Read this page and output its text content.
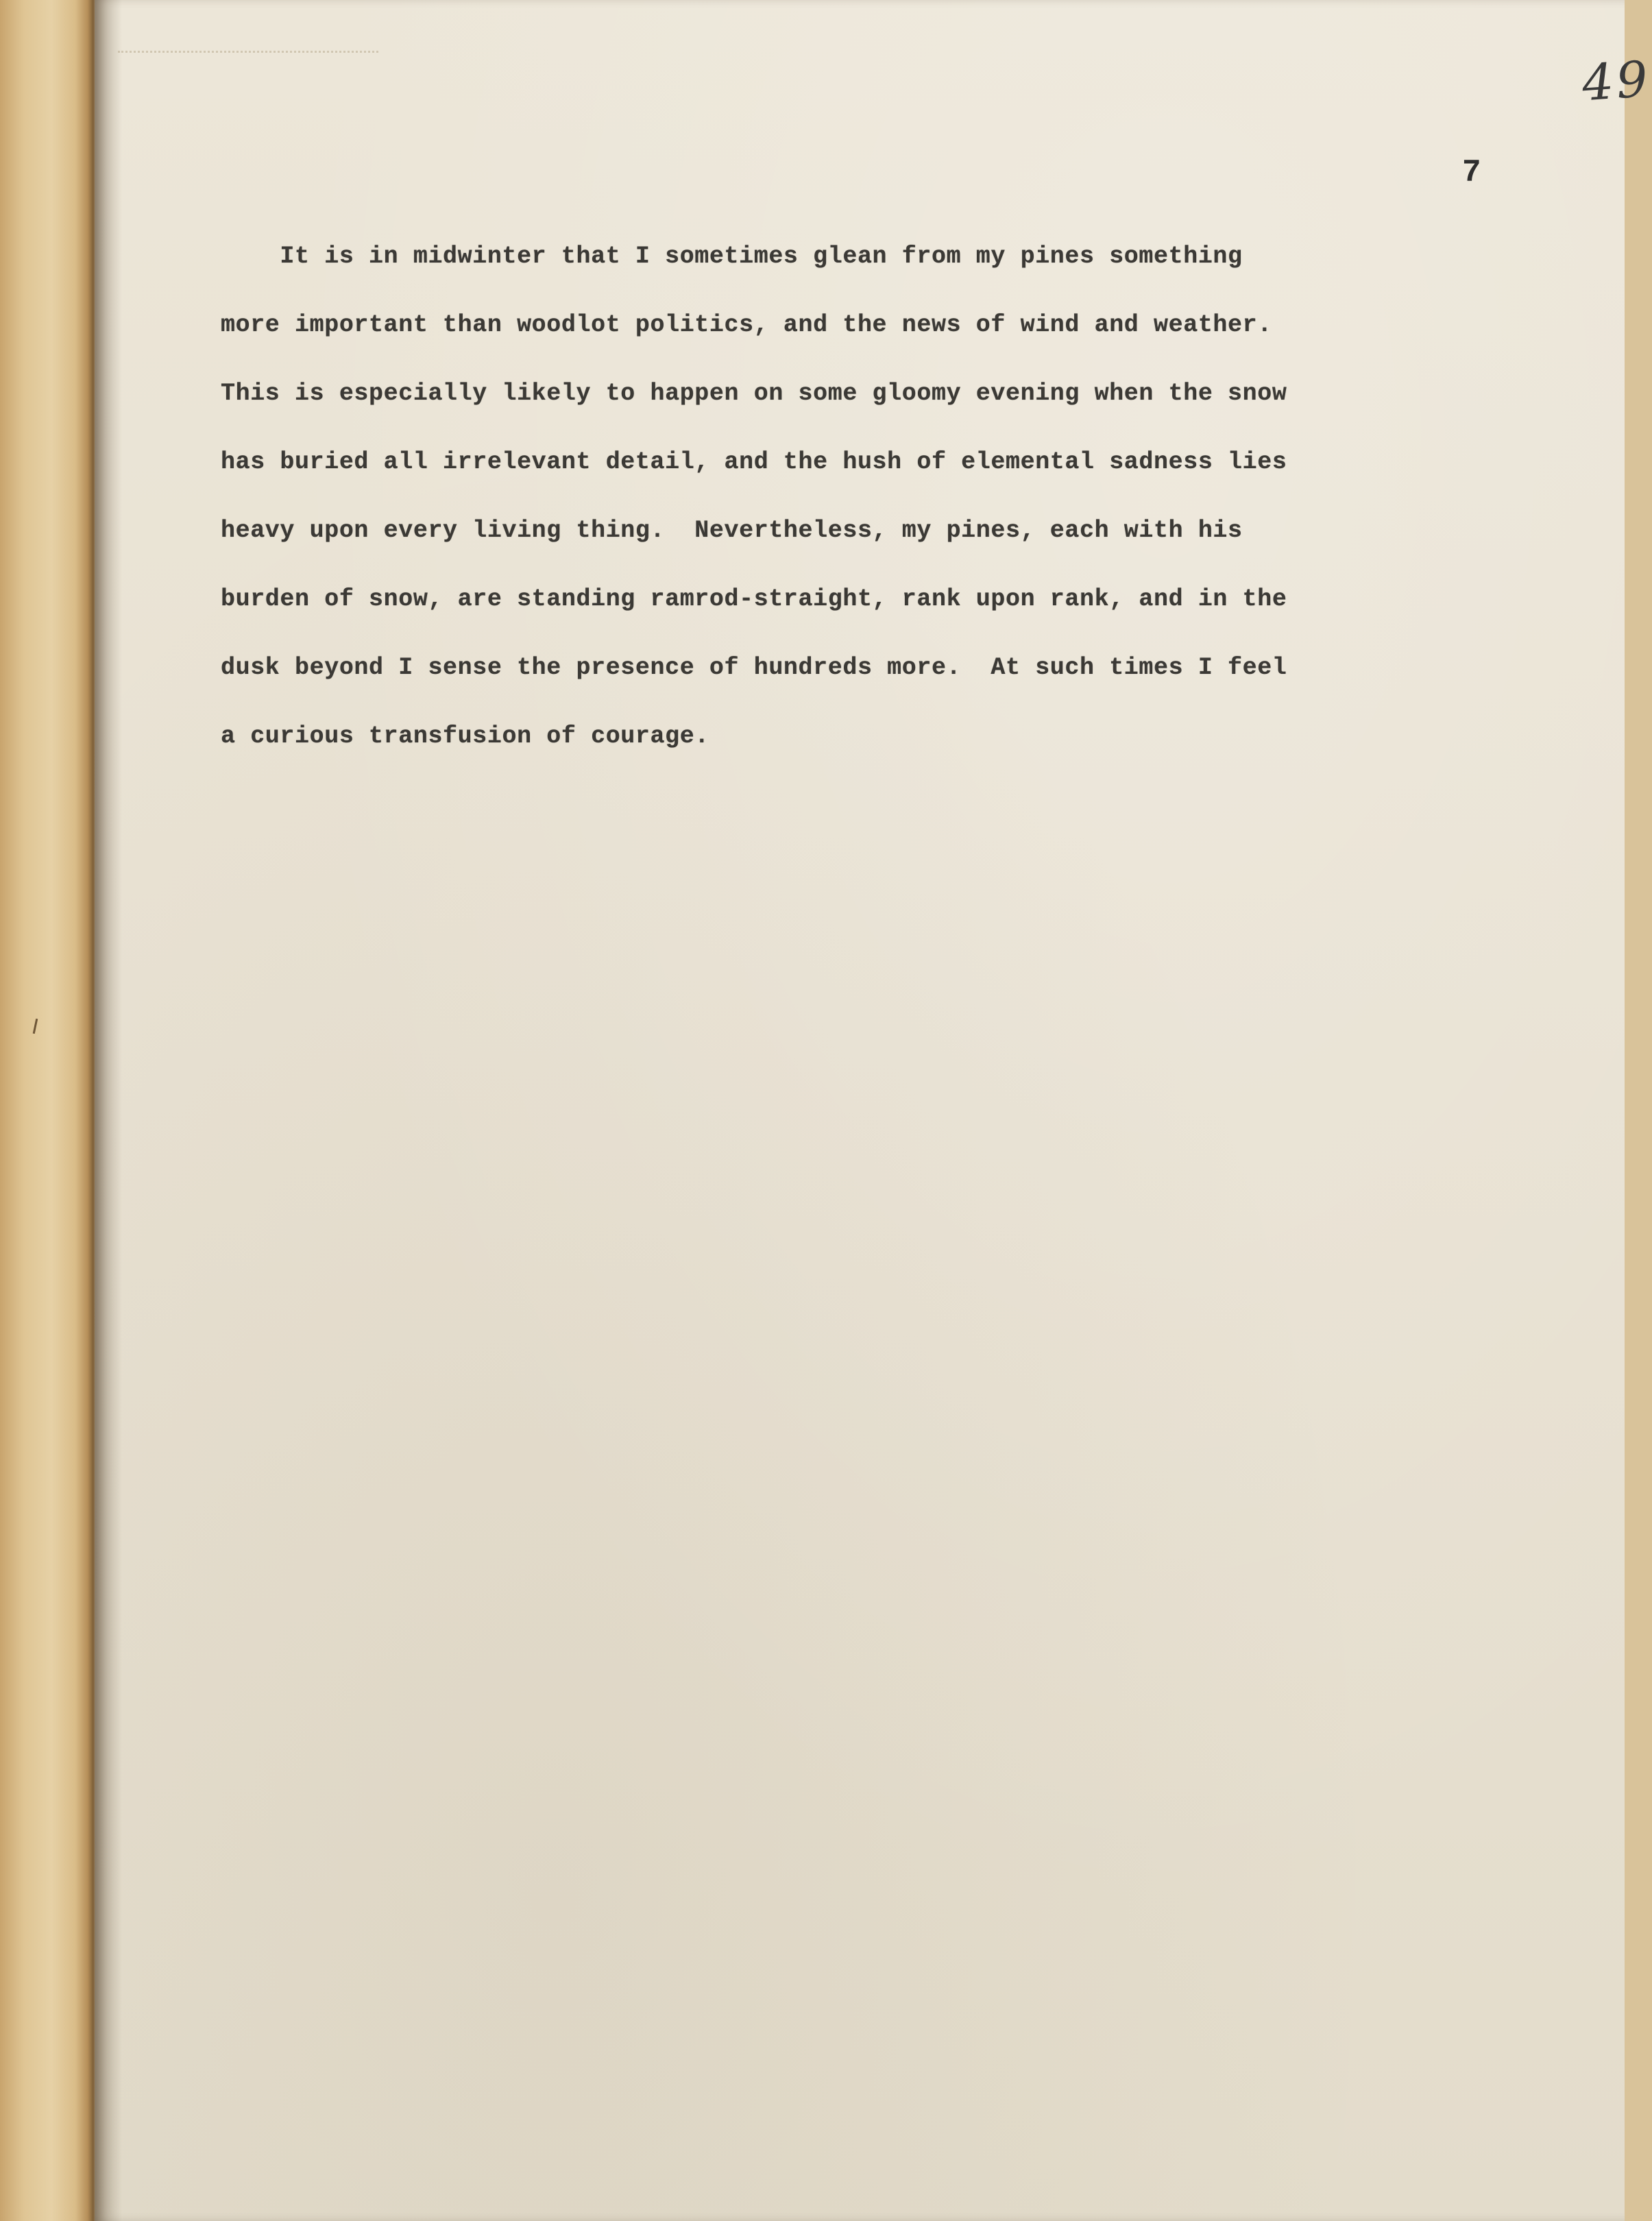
49
7
It is in midwinter that I sometimes glean from my pines something
more important than woodlot politics, and the news of wind and weather.
This is especially likely to happen on some gloomy evening when the snow
has buried all irrelevant detail, and the hush of elemental sadness lies
heavy upon every living thing.  Nevertheless, my pines, each with his
burden of snow, are standing ramrod-straight, rank upon rank, and in the
dusk beyond I sense the presence of hundreds more.  At such times I feel
a curious transfusion of courage.
